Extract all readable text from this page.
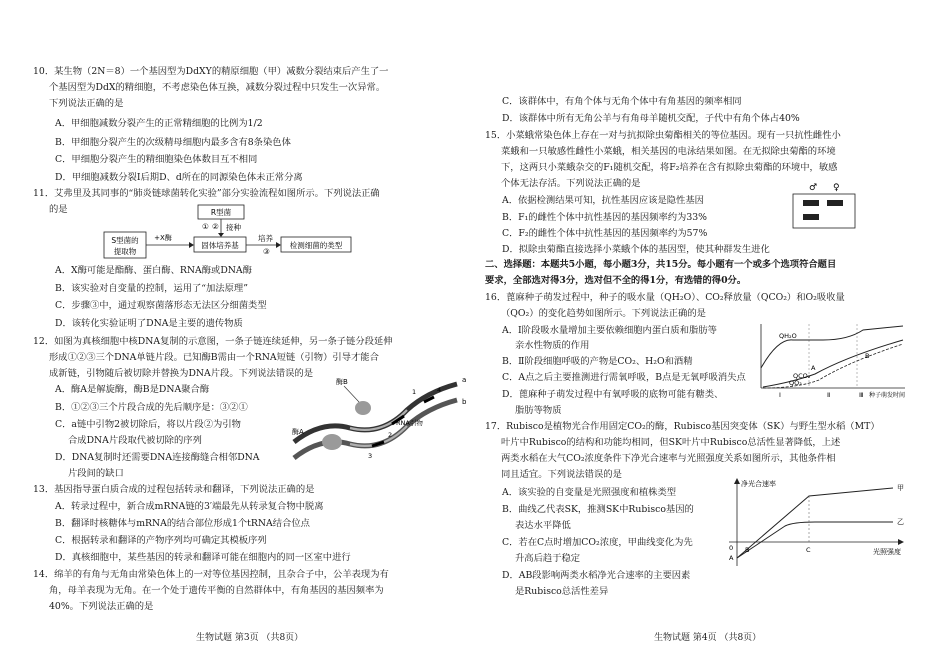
10．某生物（2N＝8）一个基因型为DdXY的精原细胞（甲）减数分裂结束后产生了一
个基因型为DdX的精细胞，不考虑染色体互换，减数分裂过程中只发生一次异常。
下列说法正确的是
A．甲细胞减数分裂产生的正常精细胞的比例为1/2
B．甲细胞分裂产生的次级精母细胞内最多含有8条染色体
C．甲细胞分裂产生的精细胞染色体数目互不相同
D．甲细胞减数分裂Ⅰ后期D、d所在的同源染色体未正常分离
11．艾弗里及其同事的“肺炎链球菌转化实验”部分实验流程如图所示。下列说法正确
的是	R型菌
① ② 接种
S型菌的
提取物
+X酶
固体培养基
培养
③
检测细菌的类型
A．X酶可能是酯酶、蛋白酶、RNA酶或DNA酶
B．该实验对自变量的控制，运用了“加法原理”
C．步骤③中，通过观察菌落形态无法区分细菌类型
D．该转化实验证明了DNA是主要的遗传物质
12．如图为真核细胞中核DNA复制的示意图，一条子链连续延伸，另一条子链分段延伸
形成①②③三个DNA单链片段。已知酶B需由一个RNA短链（引物）引导才能合
成新链，引物随后被切除并替换为DNA片段。下列说法错误的是
A．酶A是解旋酶，酶B是DNA聚合酶
B．①②③三个片段合成的先后顺序是：③②①
C．a链中引物2被切除后，将以片段②为引物
合成DNA片段取代被切除的序列
D．DNA复制时还需要DNA连接酶缝合相邻DNA
片段间的缺口
酶B
酶A
a
b
RNA引物
1
2
3
4
13．基因指导蛋白质合成的过程包括转录和翻译，下列说法正确的是
A．转录过程中，新合成mRNA链的3′端最先从转录复合物中脱离
B．翻译时核糖体与mRNA的结合部位形成1个tRNA结合位点
C．根据转录和翻译的产物序列均可确定其模板序列
D．真核细胞中，某些基因的转录和翻译可能在细胞内的同一区室中进行
14．绵羊的有角与无角由常染色体上的一对等位基因控制，且杂合子中，公羊表现为有
角，母羊表现为无角。在一个处于遗传平衡的自然群体中，有角基因的基因频率为
40%。下列说法正确的是
生物试题 第3页 （共8页）
C．该群体中，有角个体与无角个体中有角基因的频率相同
D．该群体中所有无角公羊与有角母羊随机交配，子代中有角个体占40%
15．小菜蛾常染色体上存在一对与抗拟除虫菊酯相关的等位基因。现有一只抗性雌性小
菜蛾和一只敏感性雌性小菜蛾，相关基因的电泳结果如图。在无拟除虫菊酯的环境
下，这两只小菜蛾杂交的F₁随机交配，将F₂培养在含有拟除虫菊酯的环境中，敏感
个体无法存活。下列说法正确的是
A．依据检测结果可知，抗性基因应该是隐性基因
B．F₁的雌性个体中抗性基因的基因频率约为33%
C．F₂的雌性个体中抗性基因的基因频率约为57%
D．拟除虫菊酯直接选择小菜蛾个体的基因型，使其种群发生进化
♂ ♀
二、选择题：本题共5小题，每小题3分，共15分。每小题有一个或多个选项符合题目
要求，全部选对得3分，选对但不全的得1分，有选错的得0分。
16．蓖麻种子萌发过程中，种子的吸水量（QH₂O）、CO₂释放量（QCO₂）和O₂吸收量
（QO₂）的变化趋势如图所示。下列说法正确的是
A．Ⅰ阶段吸水量增加主要依赖细胞内蛋白质和脂肪等
亲水性物质的作用
B．Ⅱ阶段细胞呼吸的产物是CO₂、H₂O和酒精
C．A点之后主要推测进行需氧呼吸，B点是无氧呼吸消失点
D．蓖麻种子萌发过程中有氧呼吸的底物可能有糖类、
脂肪等物质
QH₂O
QCO₂
QO₂
A
B
Ⅰ	Ⅱ	Ⅲ 种子萌发时间
17．Rubisco是植物光合作用固定CO₂的酶，Rubisco基因突变体（SK）与野生型水稻（MT）
叶片中Rubisco的结构和功能均相同，但SK叶片中Rubisco总活性显著降低，上述
两类水稻在大气CO₂浓度条件下净光合速率与光照强度关系如图所示，其他条件相
同且适宜。下列说法错误的是
A．该实验的自变量是光照强度和植株类型
B．曲线乙代表SK，推测SK中Rubisco基因的
表达水平降低
C．若在C点时增加CO₂浓度，甲曲线变化为先
升高后趋于稳定
D．AB段影响两类水稻净光合速率的主要因素
是Rubisco总活性差异
净光合速率
光照强度
甲
乙
0
A
B	C
生物试题 第4页 （共8页）
